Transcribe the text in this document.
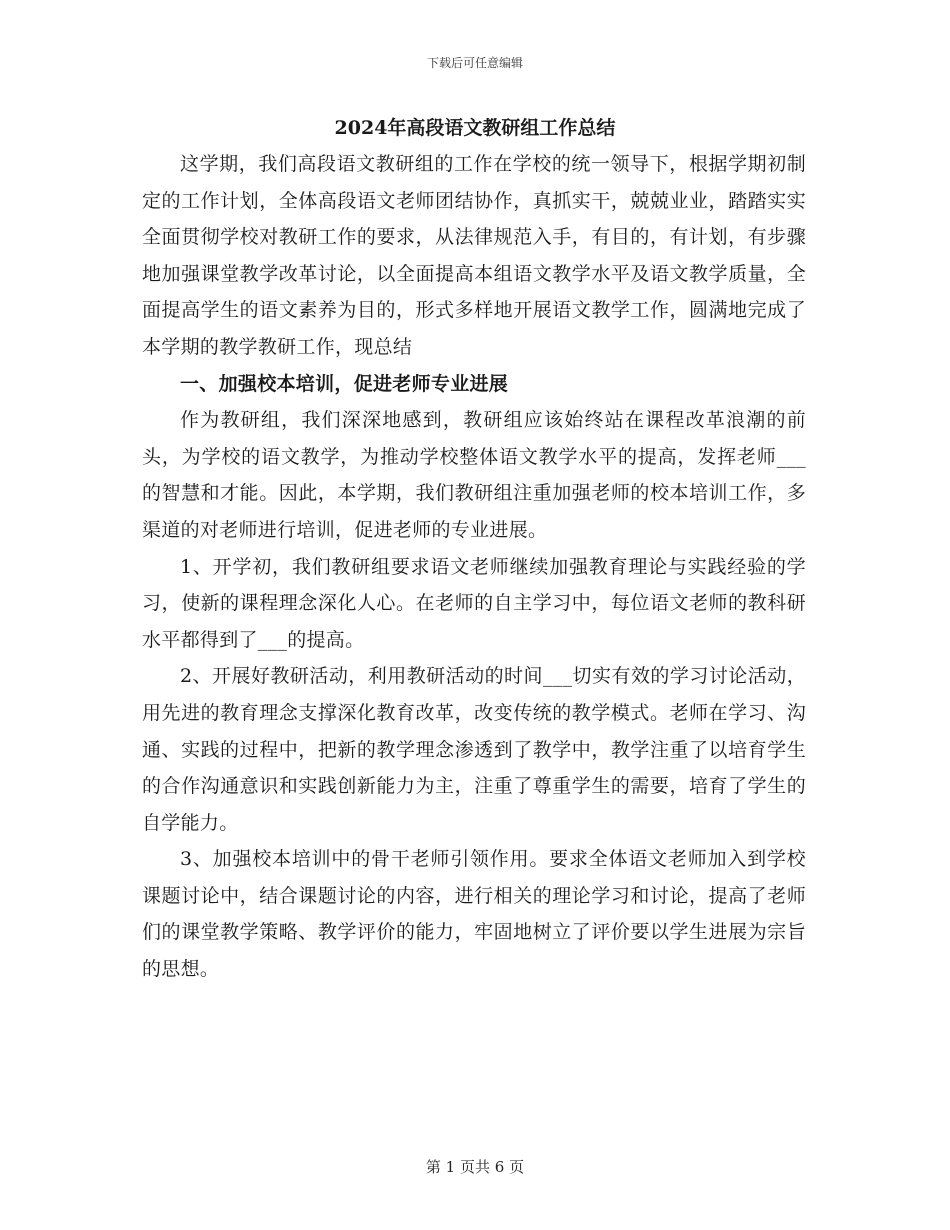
下载后可任意编辑
2024年高段语文教研组工作总结

这学期，我们高段语文教研组的工作在学校的统一领导下，根据学期初制定的工作计划，全体高段语文老师团结协作，真抓实干，兢兢业业，踏踏实实全面贯彻学校对教研工作的要求，从法律规范入手，有目的，有计划，有步骤地加强课堂教学改革讨论，以全面提高本组语文教学水平及语文教学质量，全面提高学生的语文素养为目的，形式多样地开展语文教学工作，圆满地完成了本学期的教学教研工作，现总结

一、加强校本培训，促进老师专业进展

作为教研组，我们深深地感到，教研组应该始终站在课程改革浪潮的前头，为学校的语文教学，为推动学校整体语文教学水平的提高，发挥老师___的智慧和才能。因此，本学期，我们教研组注重加强老师的校本培训工作，多渠道的对老师进行培训，促进老师的专业进展。

1、开学初，我们教研组要求语文老师继续加强教育理论与实践经验的学习，使新的课程理念深化人心。在老师的自主学习中，每位语文老师的教科研水平都得到了___的提高。

2、开展好教研活动，利用教研活动的时间___切实有效的学习讨论活动，用先进的教育理念支撑深化教育改革，改变传统的教学模式。老师在学习、沟通、实践的过程中，把新的教学理念渗透到了教学中，教学注重了以培育学生的合作沟通意识和实践创新能力为主，注重了尊重学生的需要，培育了学生的自学能力。

3、加强校本培训中的骨干老师引领作用。要求全体语文老师加入到学校课题讨论中，结合课题讨论的内容，进行相关的理论学习和讨论，提高了老师们的课堂教学策略、教学评价的能力，牢固地树立了评价要以学生进展为宗旨的思想。

第 1 页共 6 页
